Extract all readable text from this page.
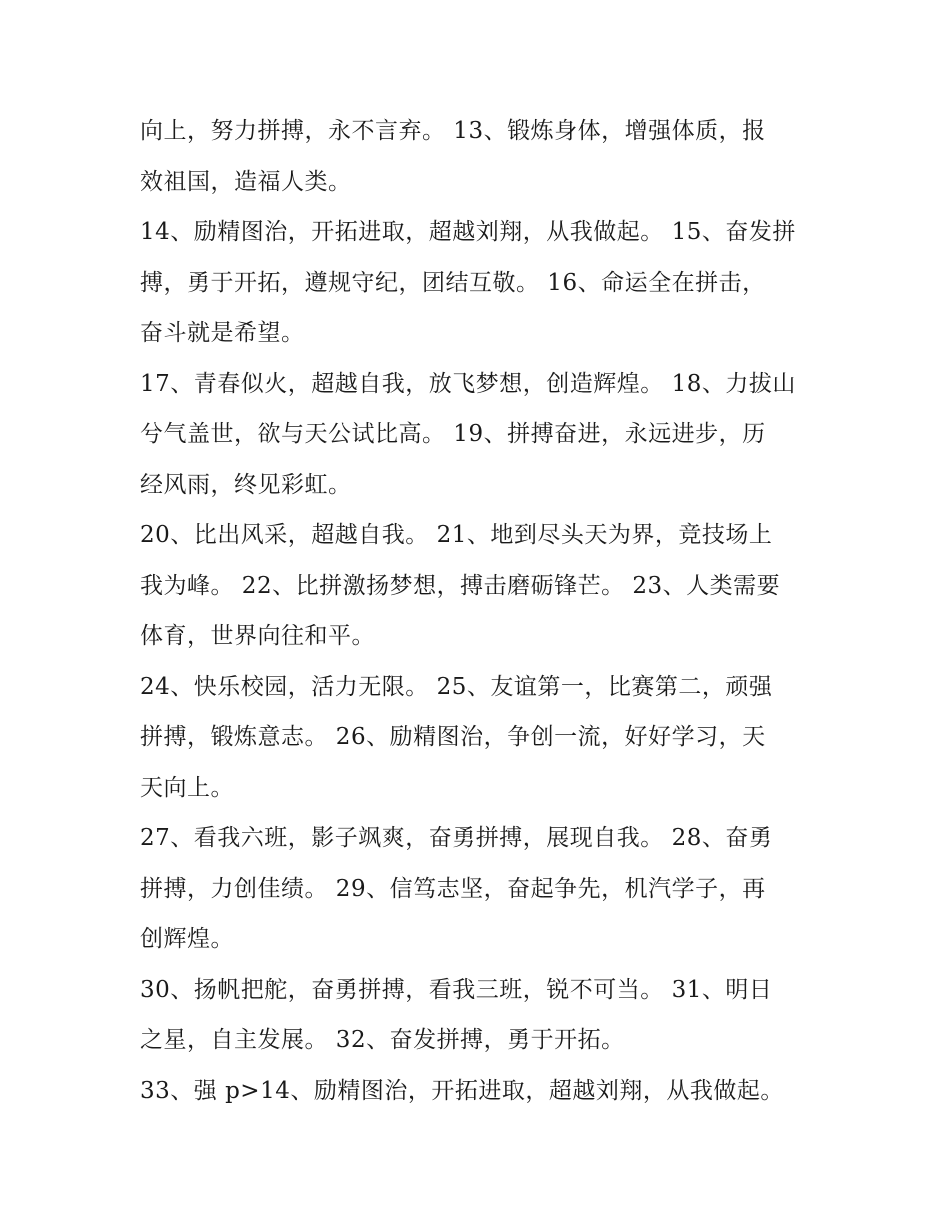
向上，努力拼搏，永不言弃。 13、锻炼身体，增强体质，报
效祖国，造福人类。

14、励精图治，开拓进取，超越刘翔，从我做起。 15、奋发拼
搏，勇于开拓，遵规守纪，团结互敬。 16、命运全在拼击，
奋斗就是希望。

17、青春似火，超越自我，放飞梦想，创造辉煌。 18、力拔山
兮气盖世，欲与天公试比高。 19、拼搏奋进，永远进步，历
经风雨，终见彩虹。

20、比出风采，超越自我。 21、地到尽头天为界，竞技场上
我为峰。 22、比拼激扬梦想，搏击磨砺锋芒。 23、人类需要
体育，世界向往和平。

24、快乐校园，活力无限。 25、友谊第一，比赛第二，顽强
拼搏，锻炼意志。 26、励精图治，争创一流，好好学习，天
天向上。

27、看我六班，影子飒爽，奋勇拼搏，展现自我。 28、奋勇
拼搏，力创佳绩。 29、信笃志坚，奋起争先，机汽学子，再
创辉煌。

30、扬帆把舵，奋勇拼搏，看我三班，锐不可当。 31、明日
之星，自主发展。 32、奋发拼搏，勇于开拓。

33、强 p>14、励精图治，开拓进取，超越刘翔，从我做起。
